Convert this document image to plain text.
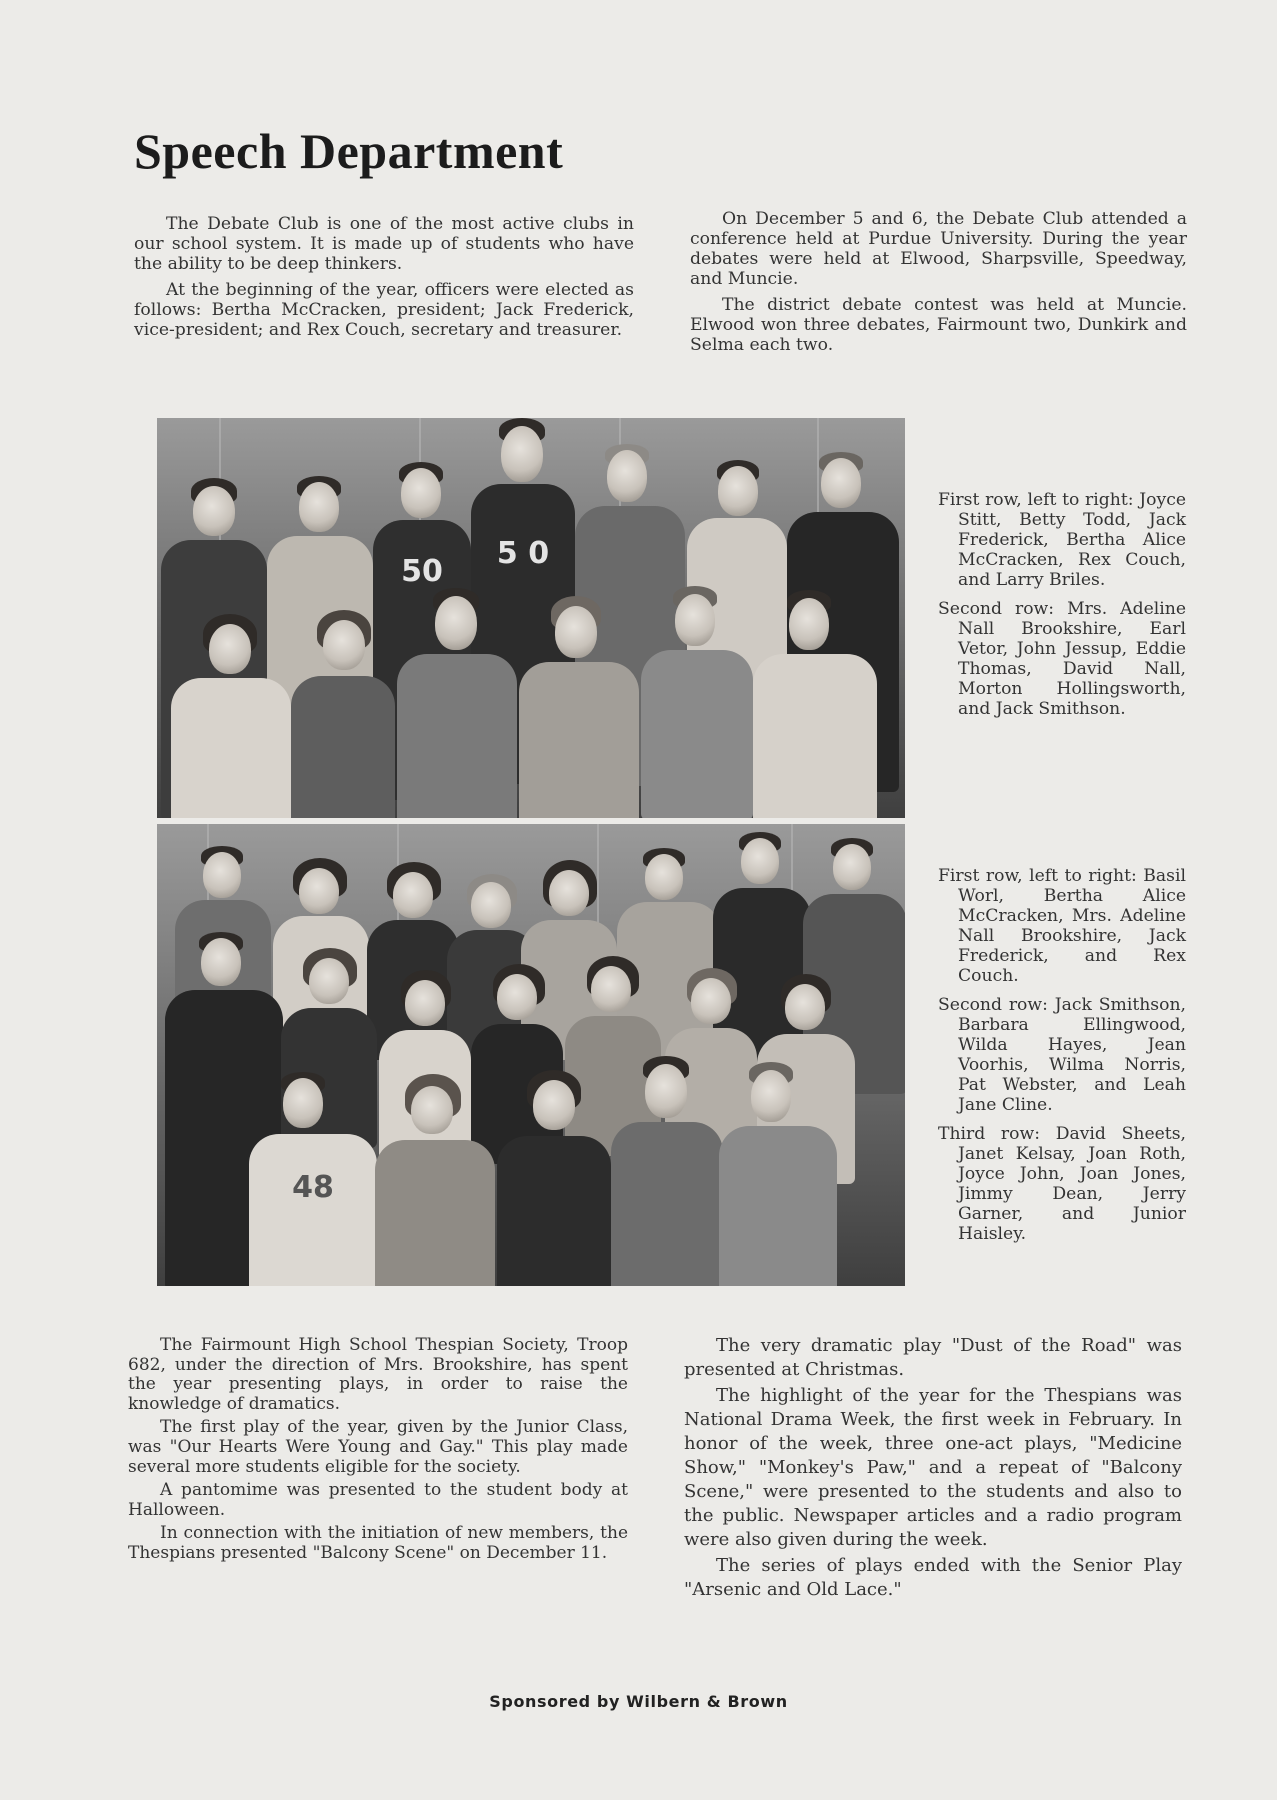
Speech Department

The Debate Club is one of the most active clubs in our school system. It is made up of students who have the ability to be deep thinkers.

At the beginning of the year, officers were elected as follows: Bertha McCracken, president; Jack Frederick, vice-president; and Rex Couch, secretary and treasurer.

On December 5 and 6, the Debate Club attended a conference held at Purdue University. During the year debates were held at Elwood, Sharpsville, Speedway, and Muncie.

The district debate contest was held at Muncie. Elwood won three debates, Fairmount two, Dunkirk and Selma each two.

50
5 0

First row, left to right: Joyce Stitt, Betty Todd, Jack Frederick, Bertha Alice McCracken, Rex Couch, and Larry Briles.

Second row: Mrs. Adeline Nall Brookshire, Earl Vetor, John Jessup, Eddie Thomas, David Nall, Morton Hollingsworth, and Jack Smithson.

48

First row, left to right: Basil Worl, Bertha Alice McCracken, Mrs. Adeline Nall Brookshire, Jack Frederick, and Rex Couch.

Second row: Jack Smithson, Barbara Ellingwood, Wilda Hayes, Jean Voorhis, Wilma Norris, Pat Webster, and Leah Jane Cline.

Third row: David Sheets, Janet Kelsay, Joan Roth, Joyce John, Joan Jones, Jimmy Dean, Jerry Garner, and Junior Haisley.

The Fairmount High School Thespian Society, Troop 682, under the direction of Mrs. Brookshire, has spent the year presenting plays, in order to raise the knowledge of dramatics.

The first play of the year, given by the Junior Class, was "Our Hearts Were Young and Gay." This play made several more students eligible for the society.

A pantomime was presented to the student body at Halloween.

In connection with the initiation of new members, the Thespians presented "Balcony Scene" on December 11.

The very dramatic play "Dust of the Road" was presented at Christmas.

The highlight of the year for the Thespians was National Drama Week, the first week in February. In honor of the week, three one-act plays, "Medicine Show," "Monkey's Paw," and a repeat of "Balcony Scene," were presented to the students and also to the public. Newspaper articles and a radio program were also given during the week.

The series of plays ended with the Senior Play "Arsenic and Old Lace."

Sponsored by Wilbern & Brown
